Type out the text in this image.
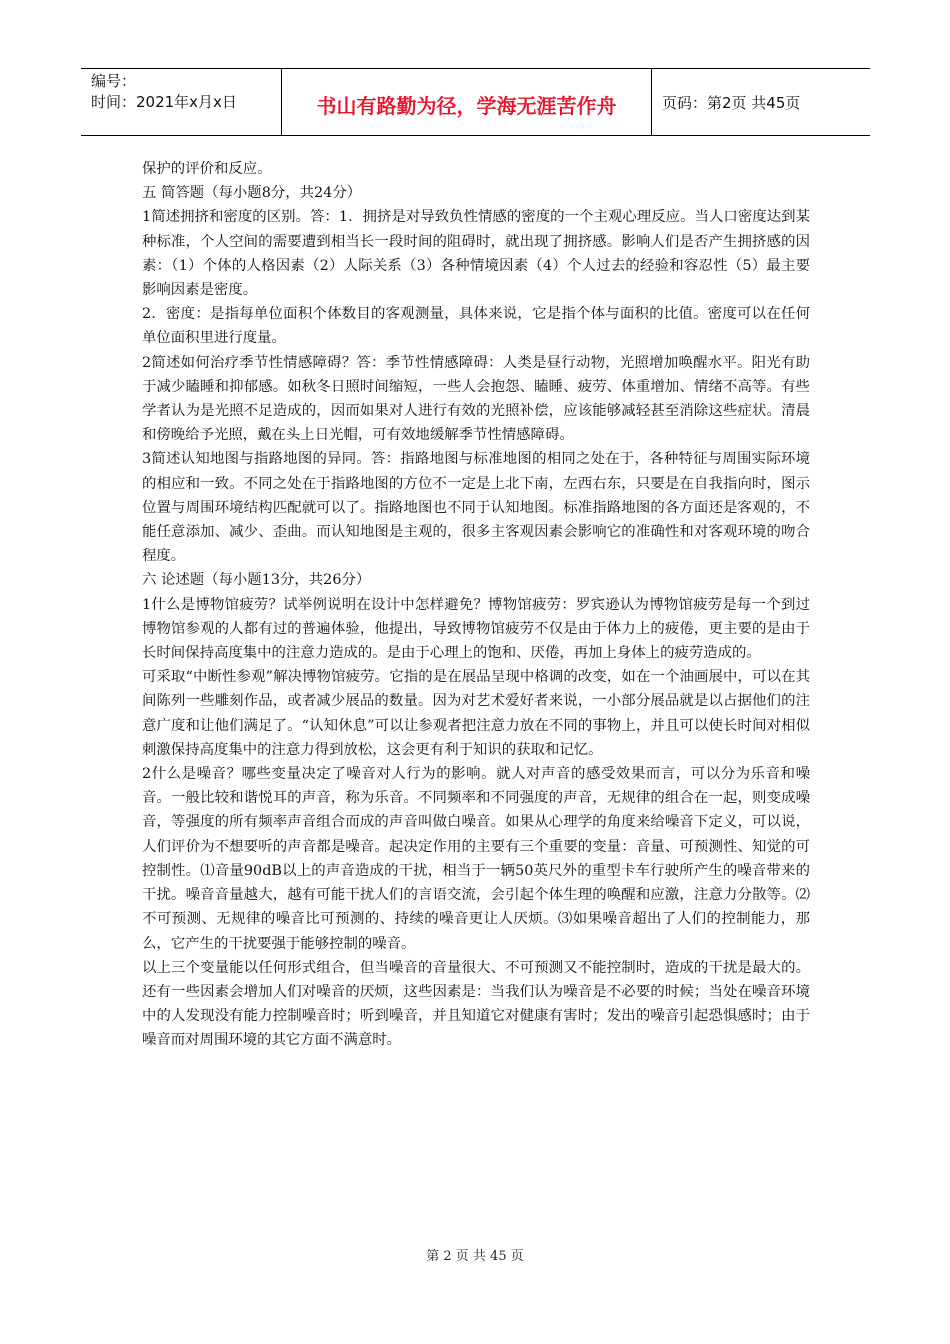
编号：
时间：2021年x月x日	书山有路勤为径，学海无涯苦作舟	页码：第2页 共45页

保护的评价和反应。

五 简答题（每小题8分，共24分）

1简述拥挤和密度的区别。答：1．拥挤是对导致负性情感的密度的一个主观心理反应。当人口密度达到某种标准，个人空间的需要遭到相当长一段时间的阻碍时，就出现了拥挤感。影响人们是否产生拥挤感的因素：（1）个体的人格因素（2）人际关系（3）各种情境因素（4）个人过去的经验和容忍性（5）最主要影响因素是密度。

2．密度：是指每单位面积个体数目的客观测量，具体来说，它是指个体与面积的比值。密度可以在任何单位面积里进行度量。

2简述如何治疗季节性情感障碍？答：季节性情感障碍：人类是昼行动物，光照增加唤醒水平。阳光有助于减少瞌睡和抑郁感。如秋冬日照时间缩短，一些人会抱怨、瞌睡、疲劳、体重增加、情绪不高等。有些学者认为是光照不足造成的，因而如果对人进行有效的光照补偿，应该能够减轻甚至消除这些症状。清晨和傍晚给予光照，戴在头上日光帽，可有效地缓解季节性情感障碍。

3简述认知地图与指路地图的异同。答：指路地图与标准地图的相同之处在于，各种特征与周围实际环境的相应和一致。不同之处在于指路地图的方位不一定是上北下南，左西右东，只要是在自我指向时，图示位置与周围环境结构匹配就可以了。指路地图也不同于认知地图。标准指路地图的各方面还是客观的，不能任意添加、减少、歪曲。而认知地图是主观的，很多主客观因素会影响它的准确性和对客观环境的吻合程度。

六 论述题（每小题13分，共26分）

1什么是博物馆疲劳？试举例说明在设计中怎样避免？博物馆疲劳：罗宾逊认为博物馆疲劳是每一个到过博物馆参观的人都有过的普遍体验，他提出，导致博物馆疲劳不仅是由于体力上的疲倦，更主要的是由于长时间保持高度集中的注意力造成的。是由于心理上的饱和、厌倦，再加上身体上的疲劳造成的。

可采取“中断性参观”解决博物馆疲劳。它指的是在展品呈现中格调的改变，如在一个油画展中，可以在其间陈列一些雕刻作品，或者减少展品的数量。因为对艺术爱好者来说，一小部分展品就是以占据他们的注意广度和让他们满足了。“认知休息”可以让参观者把注意力放在不同的事物上，并且可以使长时间对相似刺激保持高度集中的注意力得到放松，这会更有利于知识的获取和记忆。

2什么是噪音？哪些变量决定了噪音对人行为的影响。就人对声音的感受效果而言，可以分为乐音和噪音。一般比较和谐悦耳的声音，称为乐音。不同频率和不同强度的声音，无规律的组合在一起，则变成噪音，等强度的所有频率声音组合而成的声音叫做白噪音。如果从心理学的角度来给噪音下定义，可以说，人们评价为不想要听的声音都是噪音。起决定作用的主要有三个重要的变量：音量、可预测性、知觉的可控制性。⑴音量90dB以上的声音造成的干扰，相当于一辆50英尺外的重型卡车行驶所产生的噪音带来的干扰。噪音音量越大，越有可能干扰人们的言语交流，会引起个体生理的唤醒和应激，注意力分散等。⑵不可预测、无规律的噪音比可预测的、持续的噪音更让人厌烦。⑶如果噪音超出了人们的控制能力，那么，它产生的干扰要强于能够控制的噪音。

以上三个变量能以任何形式组合，但当噪音的音量很大、不可预测又不能控制时，造成的干扰是最大的。还有一些因素会增加人们对噪音的厌烦，这些因素是：当我们认为噪音是不必要的时候；当处在噪音环境中的人发现没有能力控制噪音时；听到噪音，并且知道它对健康有害时；发出的噪音引起恐惧感时；由于噪音而对周围环境的其它方面不满意时。

第 2 页 共 45 页
